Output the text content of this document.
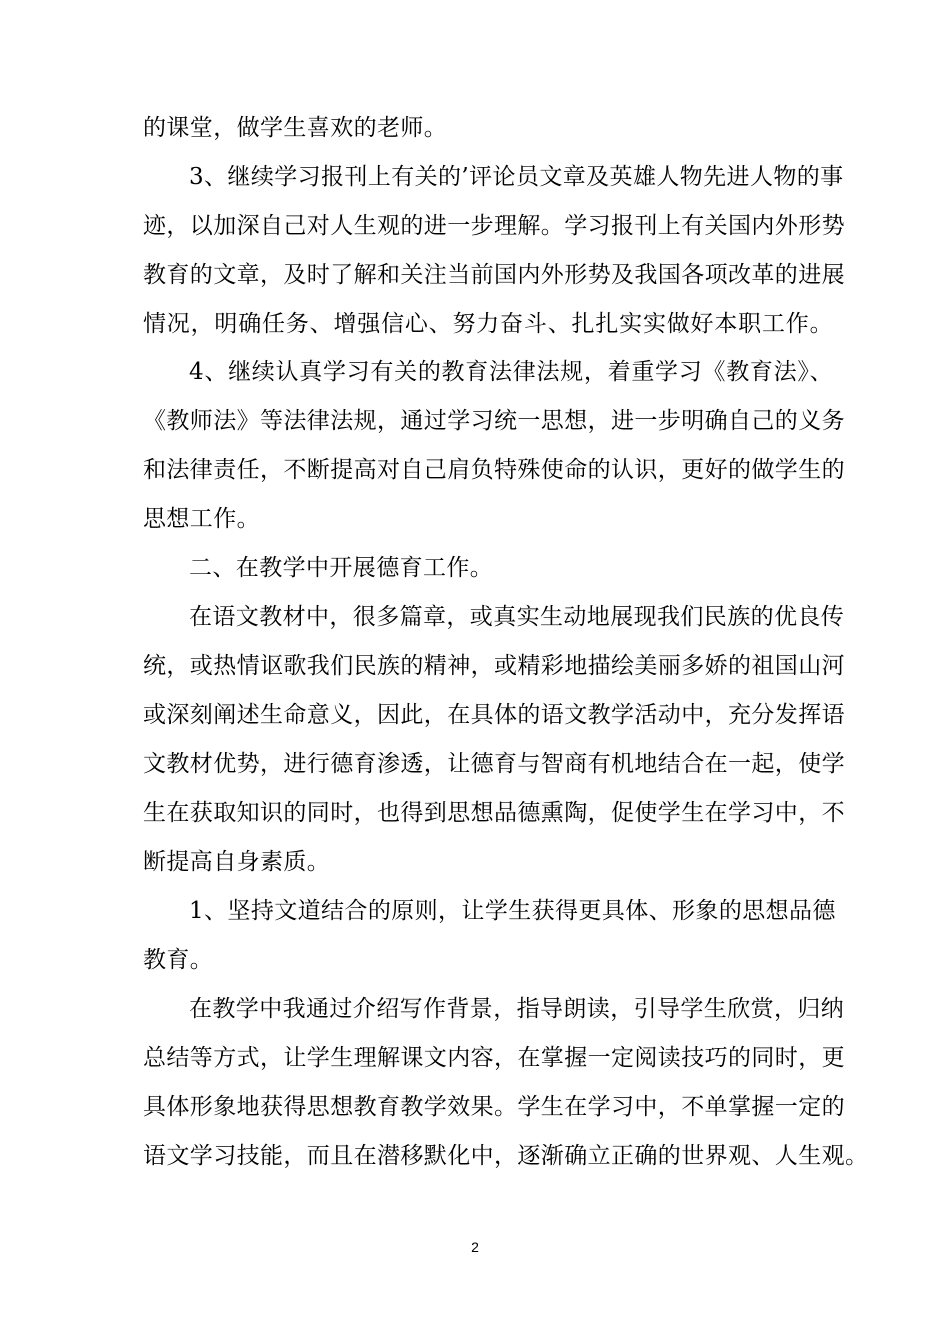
的课堂，做学生喜欢的老师。
3、继续学习报刊上有关的’评论员文章及英雄人物先进人物的事
迹，以加深自己对人生观的进一步理解。学习报刊上有关国内外形势
教育的文章，及时了解和关注当前国内外形势及我国各项改革的进展
情况，明确任务、增强信心、努力奋斗、扎扎实实做好本职工作。
4、继续认真学习有关的教育法律法规，着重学习《教育法》、
《教师法》等法律法规，通过学习统一思想，进一步明确自己的义务
和法律责任，不断提高对自己肩负特殊使命的认识，更好的做学生的
思想工作。
二、在教学中开展德育工作。
在语文教材中，很多篇章，或真实生动地展现我们民族的优良传
统，或热情讴歌我们民族的精神，或精彩地描绘美丽多娇的祖国山河
或深刻阐述生命意义，因此，在具体的语文教学活动中，充分发挥语
文教材优势，进行德育渗透，让德育与智商有机地结合在一起，使学
生在获取知识的同时，也得到思想品德熏陶，促使学生在学习中，不
断提高自身素质。
1、坚持文道结合的原则，让学生获得更具体、形象的思想品德
教育。
在教学中我通过介绍写作背景，指导朗读，引导学生欣赏，归纳
总结等方式，让学生理解课文内容，在掌握一定阅读技巧的同时，更
具体形象地获得思想教育教学效果。学生在学习中，不单掌握一定的
语文学习技能，而且在潜移默化中，逐渐确立正确的世界观、人生观。
2
